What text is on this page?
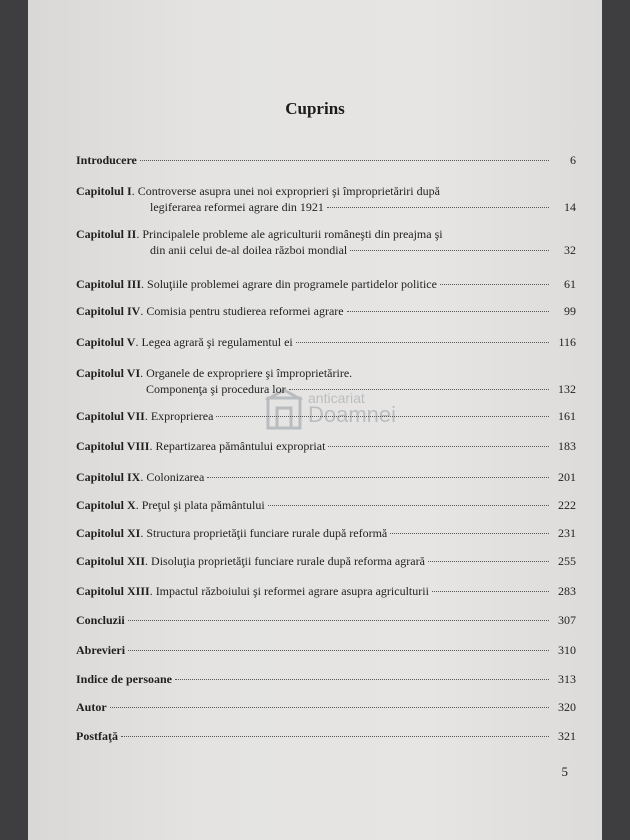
Cuprins
anticariat
Doamnei
Introducere	6
Capitolul I. Controverse asupra unei noi exproprieri şi împroprietăriri după
legiferarea reformei agrare din 1921	14
Capitolul II. Principalele probleme ale agriculturii româneşti din preajma şi
din anii celui de-al doilea război mondial	32
Capitolul III. Soluţiile problemei agrare din programele partidelor politice	61
Capitolul IV. Comisia pentru studierea reformei agrare	99
Capitolul V. Legea agrară şi regulamentul ei	116
Capitolul VI. Organele de expropriere şi împroprietărire.
Componenţa şi procedura lor	132
Capitolul VII. Exproprierea	161
Capitolul VIII. Repartizarea pământului expropriat	183
Capitolul IX. Colonizarea	201
Capitolul X. Preţul şi plata pământului	222
Capitolul XI. Structura proprietăţii funciare rurale după reformă	231
Capitolul XII. Disoluţia proprietăţii funciare rurale după reforma agrară	255
Capitolul XIII. Impactul războiului şi reformei agrare asupra agriculturii	283
Concluzii	307
Abrevieri	310
Indice de persoane	313
Autor	320
Postfaţă	321
5
